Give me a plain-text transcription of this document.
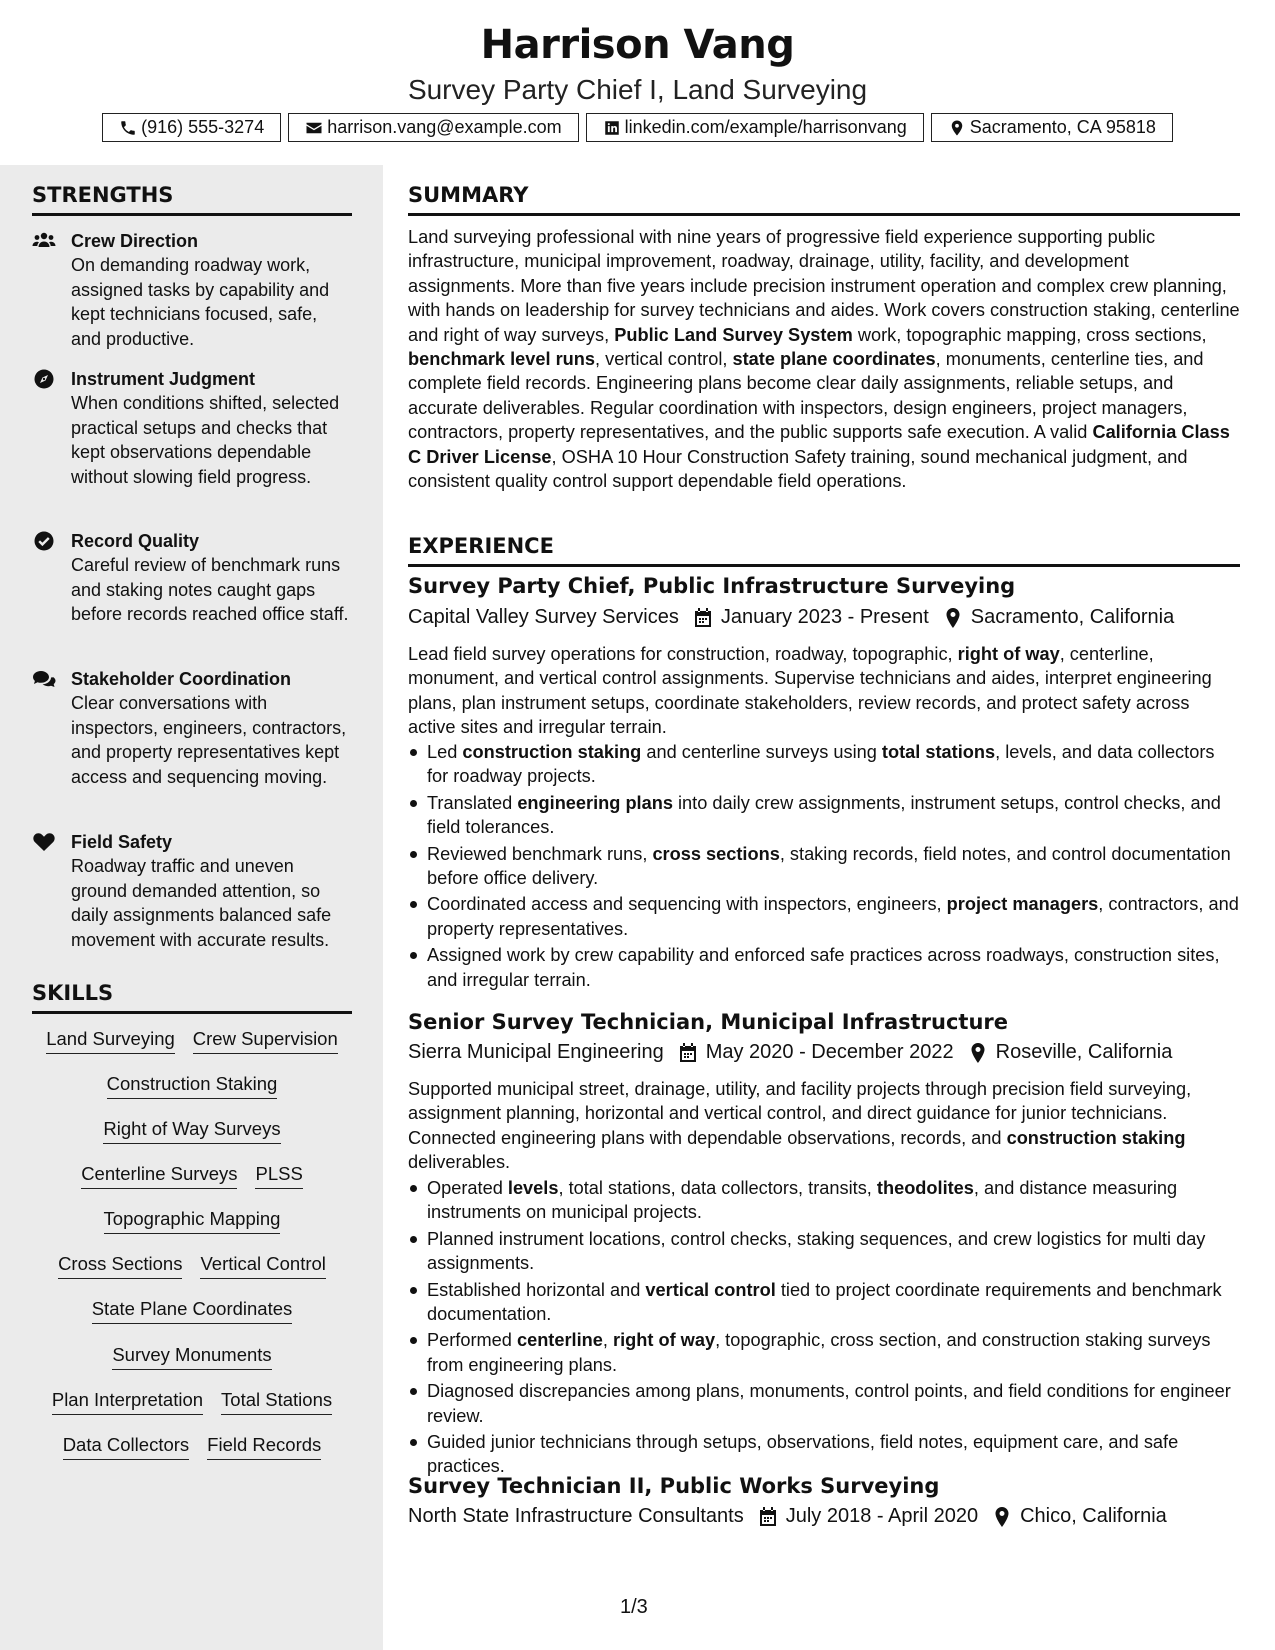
Harrison Vang
Survey Party Chief I, Land Surveying
(916) 555-3274	harrison.vang@example.com	linkedin.com/example/harrisonvang	Sacramento, CA 95818
STRENGTHS
Crew Direction
On demanding roadway work, assigned tasks by capability and kept technicians focused, safe, and productive.
Instrument Judgment
When conditions shifted, selected practical setups and checks that kept observations dependable without slowing field progress.
Record Quality
Careful review of benchmark runs and staking notes caught gaps before records reached office staff.
Stakeholder Coordination
Clear conversations with inspectors, engineers, contractors, and property representatives kept access and sequencing moving.
Field Safety
Roadway traffic and uneven ground demanded attention, so daily assignments balanced safe movement with accurate results.
SKILLS
Land Surveying Crew Supervision
Construction Staking
Right of Way Surveys
Centerline Surveys PLSS
Topographic Mapping
Cross Sections Vertical Control
State Plane Coordinates
Survey Monuments
Plan Interpretation Total Stations
Data Collectors Field Records
SUMMARY
Land surveying professional with nine years of progressive field experience supporting public infrastructure, municipal improvement, roadway, drainage, utility, facility, and development assignments. More than five years include precision instrument operation and complex crew planning, with hands on leadership for survey technicians and aides. Work covers construction staking, centerline and right of way surveys, Public Land Survey System work, topographic mapping, cross sections, benchmark level runs, vertical control, state plane coordinates, monuments, centerline ties, and complete field records. Engineering plans become clear daily assignments, reliable setups, and accurate deliverables. Regular coordination with inspectors, design engineers, project managers, contractors, property representatives, and the public supports safe execution. A valid California Class C Driver License, OSHA 10 Hour Construction Safety training, sound mechanical judgment, and consistent quality control support dependable field operations.
EXPERIENCE
Survey Party Chief, Public Infrastructure Surveying
Capital Valley Survey Services January 2023 - Present Sacramento, California
Lead field survey operations for construction, roadway, topographic, right of way, centerline, monument, and vertical control assignments. Supervise technicians and aides, interpret engineering plans, plan instrument setups, coordinate stakeholders, review records, and protect safety across active sites and irregular terrain.
Led construction staking and centerline surveys using total stations, levels, and data collectors for roadway projects.
Translated engineering plans into daily crew assignments, instrument setups, control checks, and field tolerances.
Reviewed benchmark runs, cross sections, staking records, field notes, and control documentation before office delivery.
Coordinated access and sequencing with inspectors, engineers, project managers, contractors, and property representatives.
Assigned work by crew capability and enforced safe practices across roadways, construction sites, and irregular terrain.
Senior Survey Technician, Municipal Infrastructure
Sierra Municipal Engineering May 2020 - December 2022 Roseville, California
Supported municipal street, drainage, utility, and facility projects through precision field surveying, assignment planning, horizontal and vertical control, and direct guidance for junior technicians. Connected engineering plans with dependable observations, records, and construction staking deliverables.
Operated levels, total stations, data collectors, transits, theodolites, and distance measuring instruments on municipal projects.
Planned instrument locations, control checks, staking sequences, and crew logistics for multi day assignments.
Established horizontal and vertical control tied to project coordinate requirements and benchmark documentation.
Performed centerline, right of way, topographic, cross section, and construction staking surveys from engineering plans.
Diagnosed discrepancies among plans, monuments, control points, and field conditions for engineer review.
Guided junior technicians through setups, observations, field notes, equipment care, and safe practices.
Survey Technician II, Public Works Surveying
North State Infrastructure Consultants July 2018 - April 2020 Chico, California
1/3
